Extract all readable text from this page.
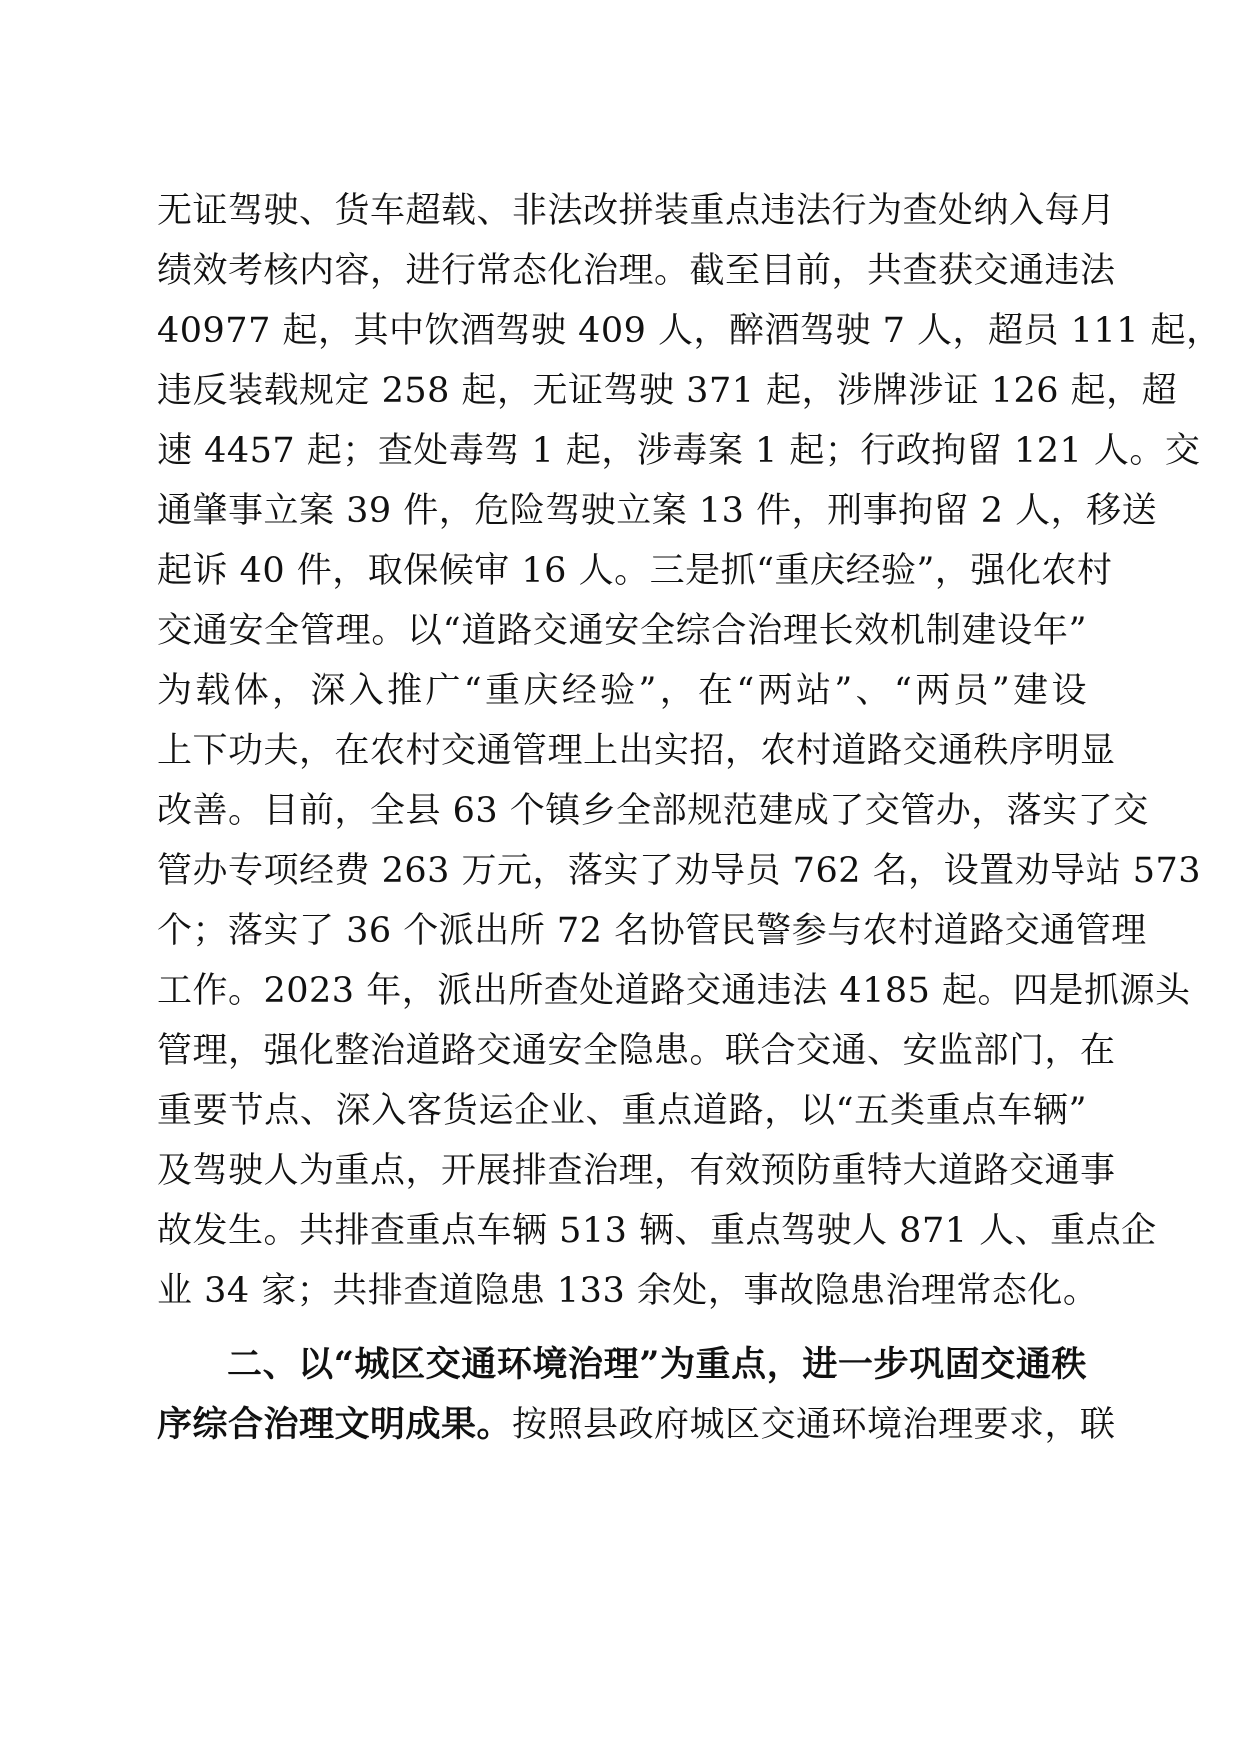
无证驾驶、货车超载、非法改拼装重点违法行为查处纳入每月
绩效考核内容，进行常态化治理。截至目前，共查获交通违法
40977 起，其中饮酒驾驶 409 人，醉酒驾驶 7 人，超员 111 起，
违反装载规定 258 起，无证驾驶 371 起，涉牌涉证 126 起，超
速 4457 起；查处毒驾 1 起，涉毒案 1 起；行政拘留 121 人。交
通肇事立案 39 件，危险驾驶立案 13 件，刑事拘留 2 人，移送
起诉 40 件，取保候审 16 人。三是抓“重庆经验”，强化农村
交通安全管理。以“道路交通安全综合治理长效机制建设年”
为载体，深入推广“重庆经验”，在“两站”、“两员”建设
上下功夫，在农村交通管理上出实招，农村道路交通秩序明显
改善。目前，全县 63 个镇乡全部规范建成了交管办，落实了交
管办专项经费 263 万元，落实了劝导员 762 名，设置劝导站 573
个；落实了 36 个派出所 72 名协管民警参与农村道路交通管理
工作。2023 年，派出所查处道路交通违法 4185 起。四是抓源头
管理，强化整治道路交通安全隐患。联合交通、安监部门，在
重要节点、深入客货运企业、重点道路，以“五类重点车辆”
及驾驶人为重点，开展排查治理，有效预防重特大道路交通事
故发生。共排查重点车辆 513 辆、重点驾驶人 871 人、重点企
业 34 家；共排查道隐患 133 余处，事故隐患治理常态化。
二、以“城区交通环境治理”为重点，进一步巩固交通秩
序综合治理文明成果。按照县政府城区交通环境治理要求，联
